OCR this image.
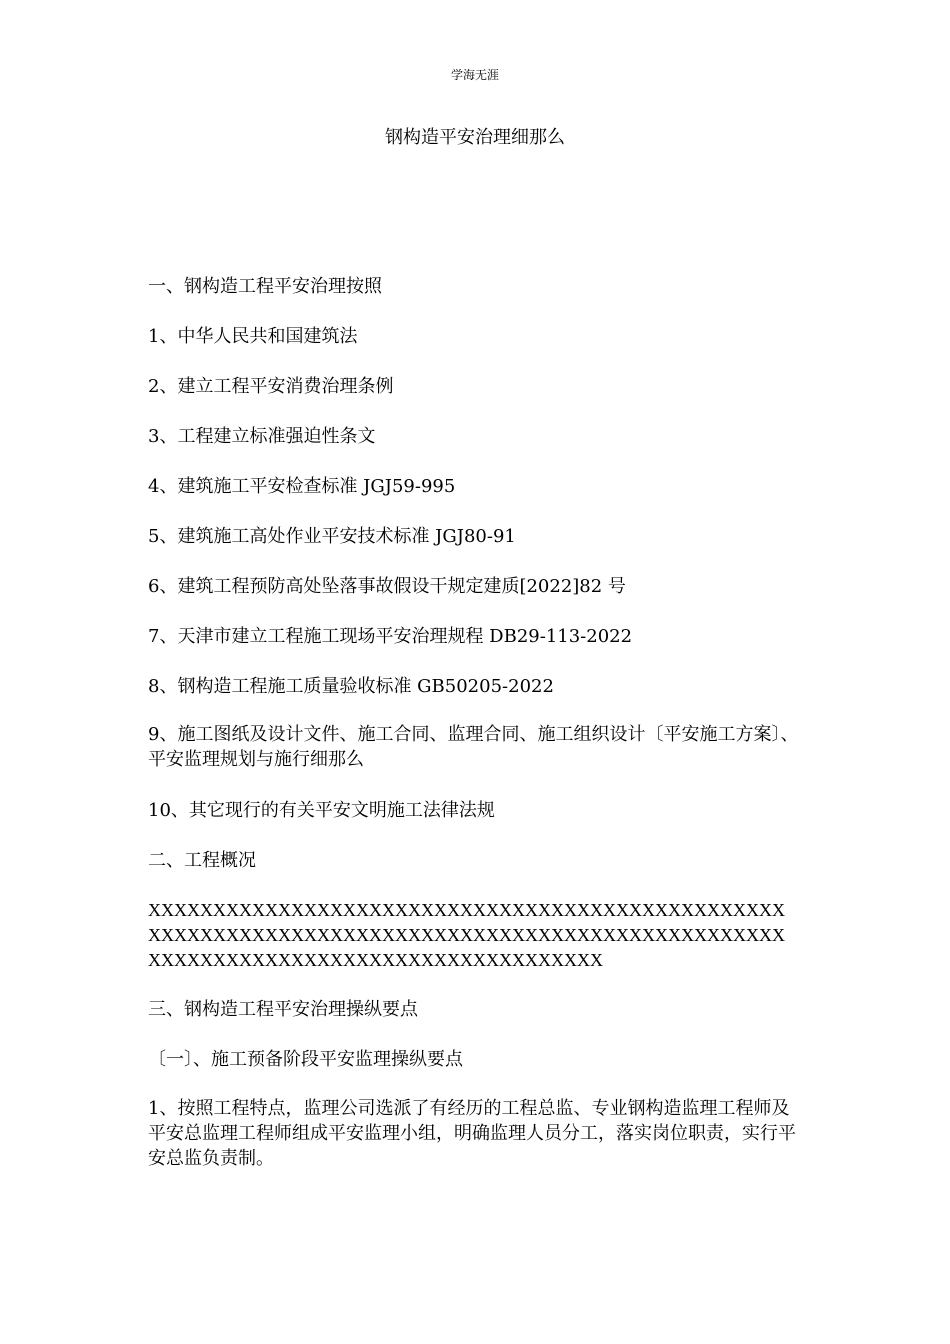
学海无涯
钢构造平安治理细那么
一、钢构造工程平安治理按照
1、中华人民共和国建筑法
2、建立工程平安消费治理条例
3、工程建立标准强迫性条文
4、建筑施工平安检查标准 JGJ59-995
5、建筑施工高处作业平安技术标准 JGJ80-91
6、建筑工程预防高处坠落事故假设干规定建质[2022]82 号
7、天津市建立工程施工现场平安治理规程 DB29-113-2022
8、钢构造工程施工质量验收标准 GB50205-2022
9、施工图纸及设计文件、施工合同、监理合同、施工组织设计〔平安施工方案〕、平安监理规划与施行细那么
10、其它现行的有关平安文明施工法律法规
二、工程概况
XXXXXXXXXXXXXXXXXXXXXXXXXXXXXXXXXXXXXXXXXXXXXXXXX
XXXXXXXXXXXXXXXXXXXXXXXXXXXXXXXXXXXXXXXXXXXXXXXXX
XXXXXXXXXXXXXXXXXXXXXXXXXXXXXXXXXXX
三、钢构造工程平安治理操纵要点
〔一〕、施工预备阶段平安监理操纵要点
1、按照工程特点，监理公司选派了有经历的工程总监、专业钢构造监理工程师及平安总监理工程师组成平安监理小组，明确监理人员分工，落实岗位职责，实行平安总监负责制。
